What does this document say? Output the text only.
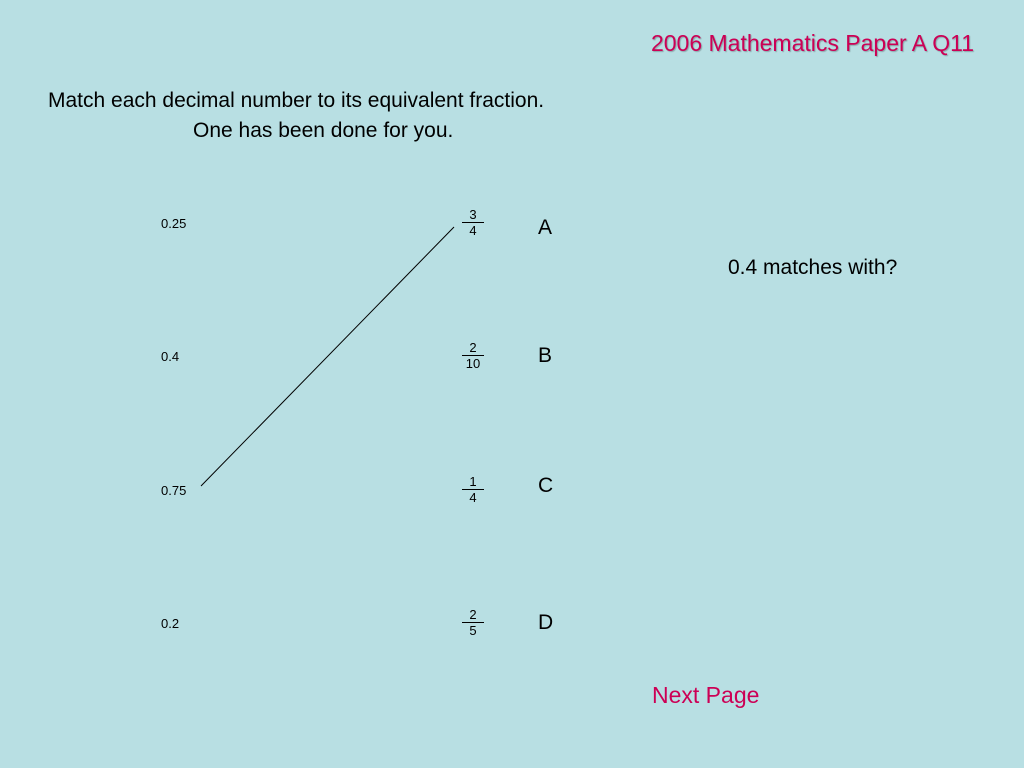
2006 Mathematics Paper A Q11
Match each decimal number to its equivalent fraction.
One has been done for you.
0.25
0.4
0.75
0.2
$\frac{3}{4}$
$\frac{2}{10}$
$\frac{1}{4}$
$\frac{2}{5}$
A
B
C
D
0.4 matches with?
Next Page
